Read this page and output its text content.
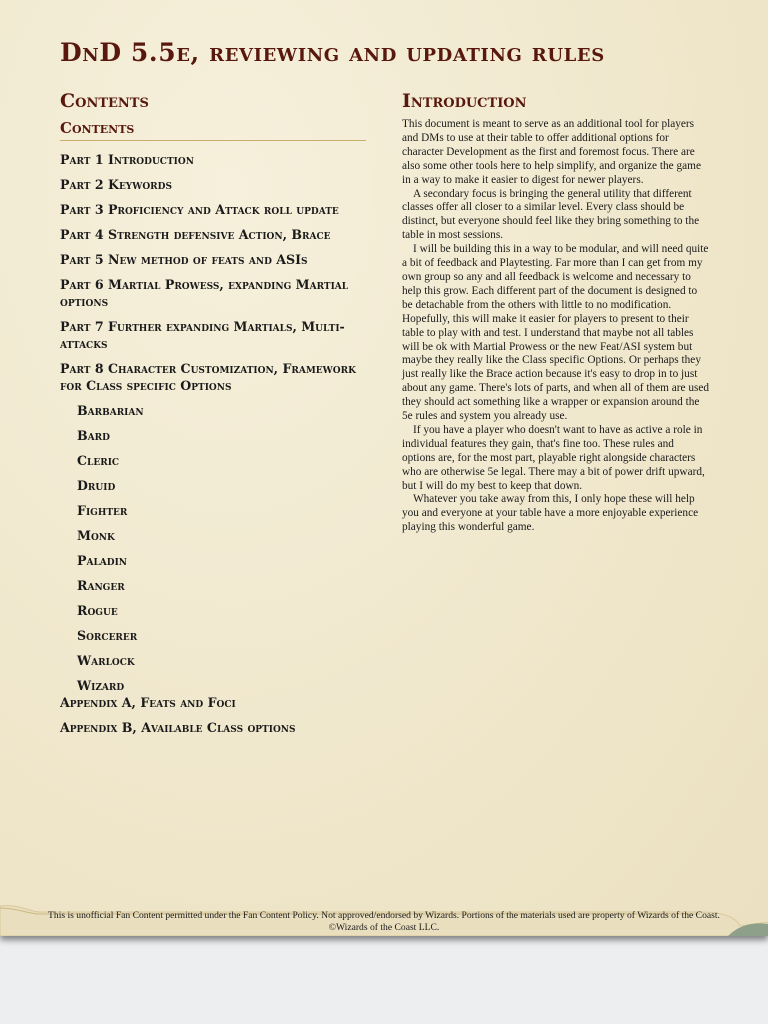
DnD 5.5e, reviewing and updating rules
Contents
Contents
Part 1 Introduction
Part 2 Keywords
Part 3 Proficiency and Attack roll update
Part 4 Strength defensive Action, Brace
Part 5 New method of feats and ASIs
Part 6 Martial Prowess, expanding Martial options
Part 7 Further expanding Martials, Multi-attacks
Part 8 Character Customization, Framework for Class specific Options
Barbarian
Bard
Cleric
Druid
Fighter
Monk
Paladin
Ranger
Rogue
Sorcerer
Warlock
Wizard
Appendix A, Feats and Foci
Appendix B, Available Class options
Introduction

This document is meant to serve as an additional tool for players and DMs to use at their table to offer additional options for character Development as the first and foremost focus. There are also some other tools here to help simplify, and organize the game in a way to make it easier to digest for newer players.

A secondary focus is bringing the general utility that different classes offer all closer to a similar level. Every class should be distinct, but everyone should feel like they bring something to the table in most sessions.

I will be building this in a way to be modular, and will need quite a bit of feedback and Playtesting. Far more than I can get from my own group so any and all feedback is welcome and necessary to help this grow. Each different part of the document is designed to be detachable from the others with little to no modification. Hopefully, this will make it easier for players to present to their table to play with and test. I understand that maybe not all tables will be ok with Martial Prowess or the new Feat/ASI system but maybe they really like the Class specific Options. Or perhaps they just really like the Brace action because it's easy to drop in to just about any game. There's lots of parts, and when all of them are used they should act something like a wrapper or expansion around the 5e rules and system you already use.

If you have a player who doesn't want to have as active a role in individual features they gain, that's fine too. These rules and options are, for the most part, playable right alongside characters who are otherwise 5e legal. There may a bit of power drift upward, but I will do my best to keep that down.

Whatever you take away from this, I only hope these will help you and everyone at your table have a more enjoyable experience playing this wonderful game.

This is unofficial Fan Content permitted under the Fan Content Policy. Not approved/endorsed by Wizards. Portions of the materials used are property of Wizards of the Coast. ©Wizards of the Coast LLC.
